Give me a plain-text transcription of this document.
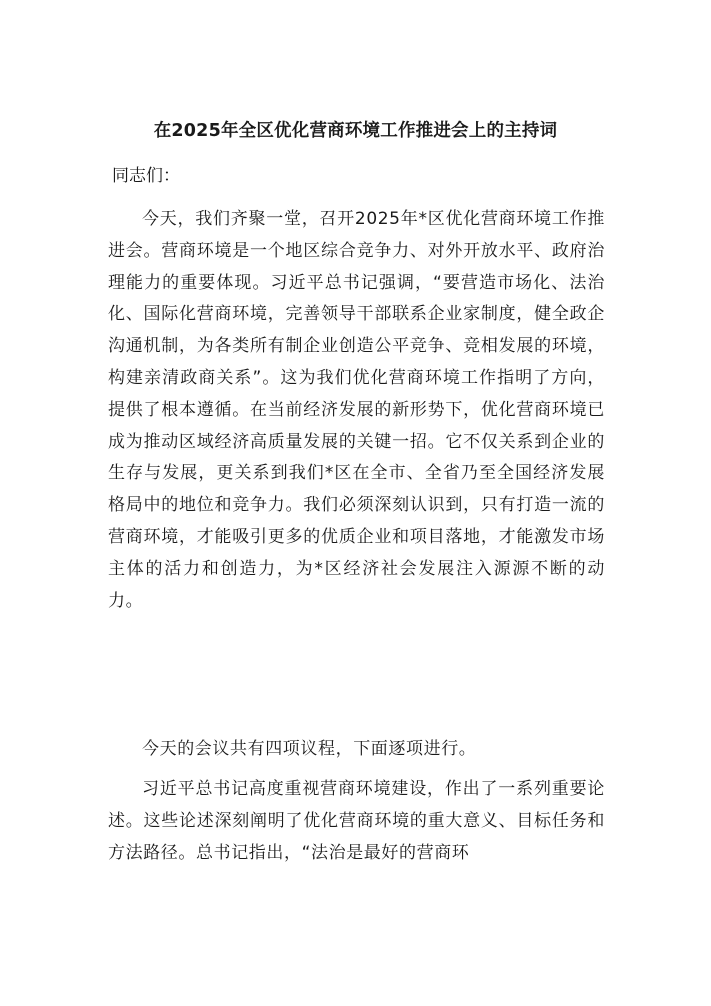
在2025年全区优化营商环境工作推进会上的主持词
同志们：

今天，我们齐聚一堂，召开2025年*区优化营商环境工作推进会。营商环境是一个地区综合竞争力、对外开放水平、政府治理能力的重要体现。习近平总书记强调，“要营造市场化、法治化、国际化营商环境，完善领导干部联系企业家制度，健全政企沟通机制，为各类所有制企业创造公平竞争、竞相发展的环境，构建亲清政商关系”。这为我们优化营商环境工作指明了方向，提供了根本遵循。在当前经济发展的新形势下，优化营商环境已成为推动区域经济高质量发展的关键一招。它不仅关系到企业的生存与发展，更关系到我们*区在全市、全省乃至全国经济发展格局中的地位和竞争力。我们必须深刻认识到，只有打造一流的营商环境，才能吸引更多的优质企业和项目落地，才能激发市场主体的活力和创造力，为*区经济社会发展注入源源不断的动力。

今天的会议共有四项议程，下面逐项进行。

习近平总书记高度重视营商环境建设，作出了一系列重要论述。这些论述深刻阐明了优化营商环境的重大意义、目标任务和方法路径。总书记指出，“法治是最好的营商环
